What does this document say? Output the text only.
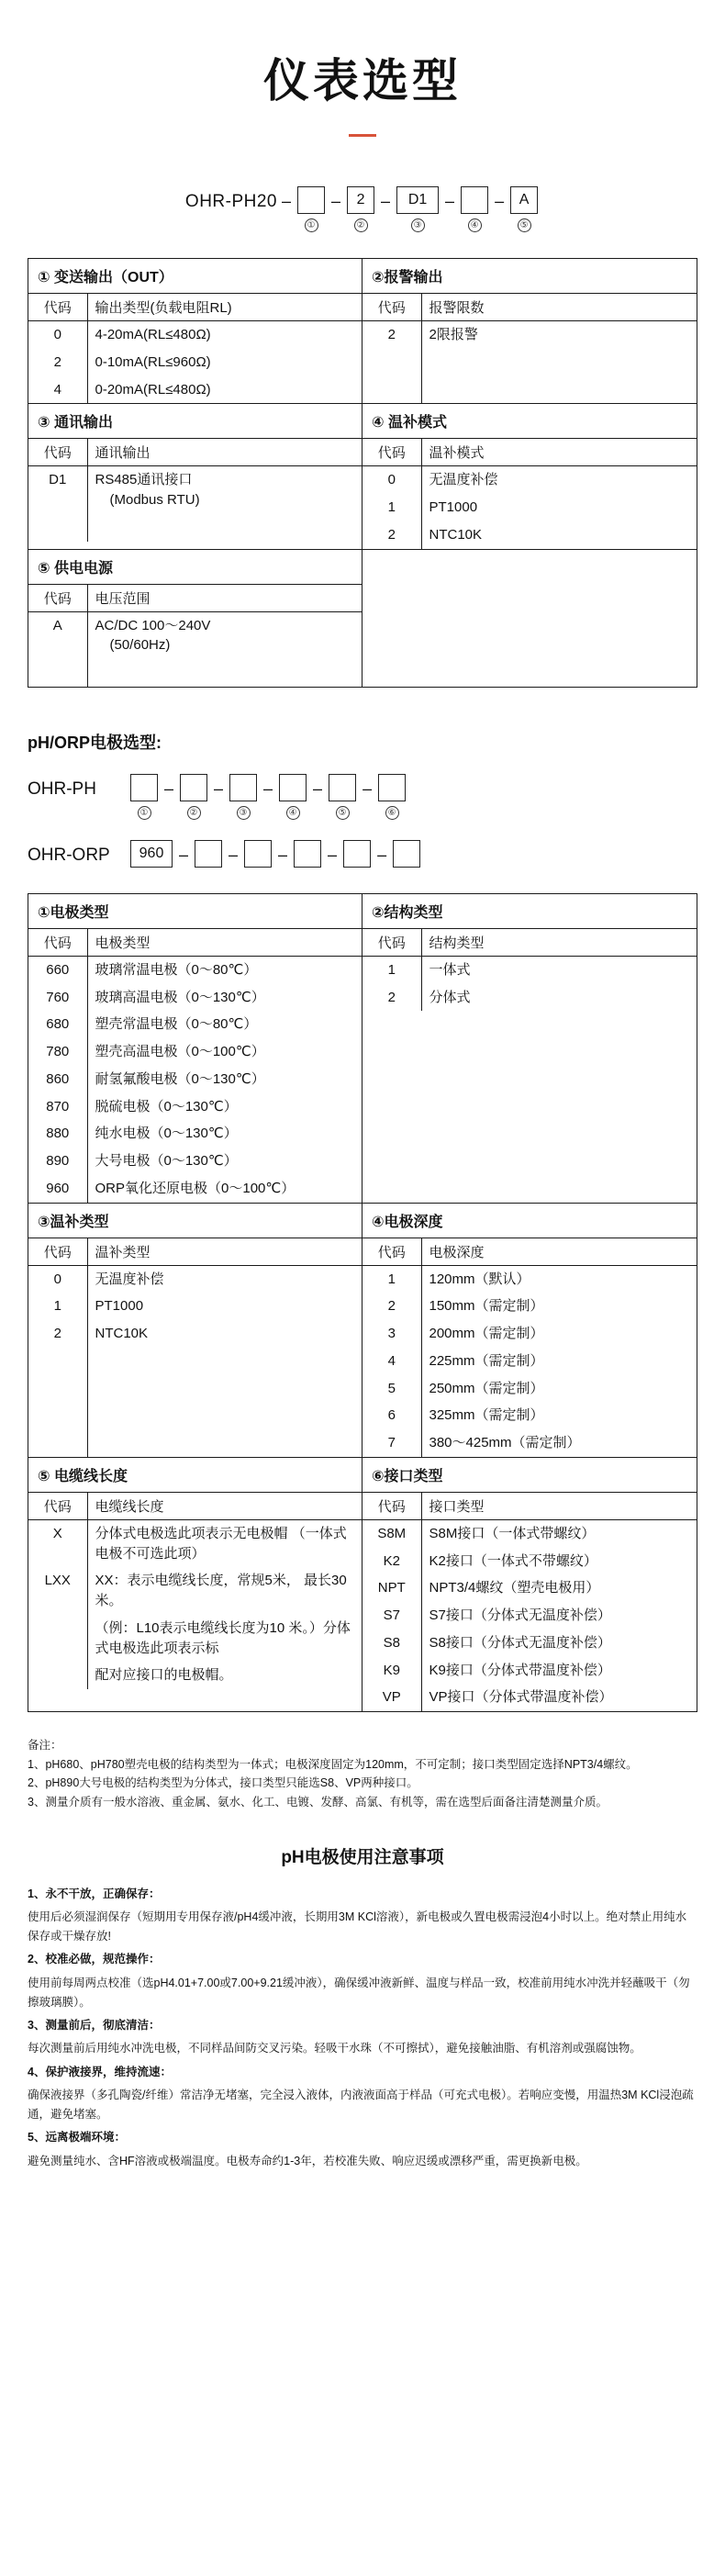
仪表选型
OHR-PH20 –
①
–	2
②
–	D1
③
–
④
–	A
⑤
① 变送输出（OUT）
代码	输出类型(负载电阻RL)
0	4-20mA(RL≤480Ω)
2	0-10mA(RL≤960Ω)
4	0-20mA(RL≤480Ω)
②报警输出
代码	报警限数
2	2限报警

③ 通讯输出
代码	通讯输出
D1	RS485通讯接口
(Modbus RTU)

④ 温补模式
代码	温补模式
0	无温度补偿
1	PT1000
2	NTC10K
⑤ 供电电源
代码	电压范围
A	AC/DC 100～240V
(50/60Hz)

pH/ORP电极选型:
OHR-PH
①
–
②
–
③
–
④
–
⑤
–
⑥
OHR-ORP	960 – – – – –
①电极类型
代码	电极类型
660	玻璃常温电极（0～80℃）
760	玻璃高温电极（0～130℃）
680	塑壳常温电极（0～80℃）
780	塑壳高温电极（0～100℃）
860	耐氢氟酸电极（0～130℃）
870	脱硫电极（0～130℃）
880	纯水电极（0～130℃）
890	大号电极（0～130℃）
960	ORP氧化还原电极（0～100℃）
②结构类型
代码	结构类型
1	一体式
2	分体式
③温补类型
代码	温补类型
0	无温度补偿
1	PT1000
2	NTC10K

④电极深度
代码	电极深度
1	120mm（默认）
2	150mm（需定制）
3	200mm（需定制）
4	225mm（需定制）
5	250mm（需定制）
6	325mm（需定制）
7	380～425mm（需定制）
⑤ 电缆线长度
代码	电缆线长度
X	分体式电极选此项表示无电极帽 （一体式电极不可选此项）
LXX	XX：表示电缆线长度，常规5米， 最长30米。
	（例：L10表示电缆线长度为10 米。）分体式电极选此项表示标
	配对应接口的电极帽。
⑥接口类型
代码	接口类型
S8M	S8M接口（一体式带螺纹）
K2	K2接口（一体式不带螺纹）
NPT	NPT3/4螺纹（塑壳电极用）
S7	S7接口（分体式无温度补偿）
S8	S8接口（分体式无温度补偿）
K9	K9接口（分体式带温度补偿）
VP	VP接口（分体式带温度补偿）
备注：
1、pH680、pH780塑壳电极的结构类型为一体式；电极深度固定为120mm，不可定制；接口类型固定选择NPT3/4螺纹。
2、pH890大号电极的结构类型为分体式，接口类型只能选S8、VP两种接口。
3、测量介质有一般水溶液、重金属、氨水、化工、电镀、发酵、高氯、有机等，需在选型后面备注清楚测量介质。
pH电极使用注意事项

1、永不干放，正确保存：

使用后必须湿润保存（短期用专用保存液/pH4缓冲液，长期用3M KCl溶液），新电极或久置电极需浸泡4小时以上。绝对禁止用纯水保存或干燥存放!

2、校准必做，规范操作：

使用前每周两点校准（选pH4.01+7.00或7.00+9.21缓冲液），确保缓冲液新鲜、温度与样品一致，校准前用纯水冲洗并轻蘸吸干（勿擦玻璃膜）。

3、测量前后，彻底清洁：

每次测量前后用纯水冲洗电极，不同样品间防交叉污染。轻吸干水珠（不可擦拭），避免接触油脂、有机溶剂或强腐蚀物。

4、保护液接界，维持流速：

确保液接界（多孔陶瓷/纤维）常洁净无堵塞，完全浸入液体，内液液面高于样品（可充式电极）。若响应变慢，用温热3M KCl浸泡疏通，避免堵塞。

5、远离极端环境：

避免测量纯水、含HF溶液或极端温度。电极寿命约1-3年，若校准失败、响应迟缓或漂移严重，需更换新电极。
